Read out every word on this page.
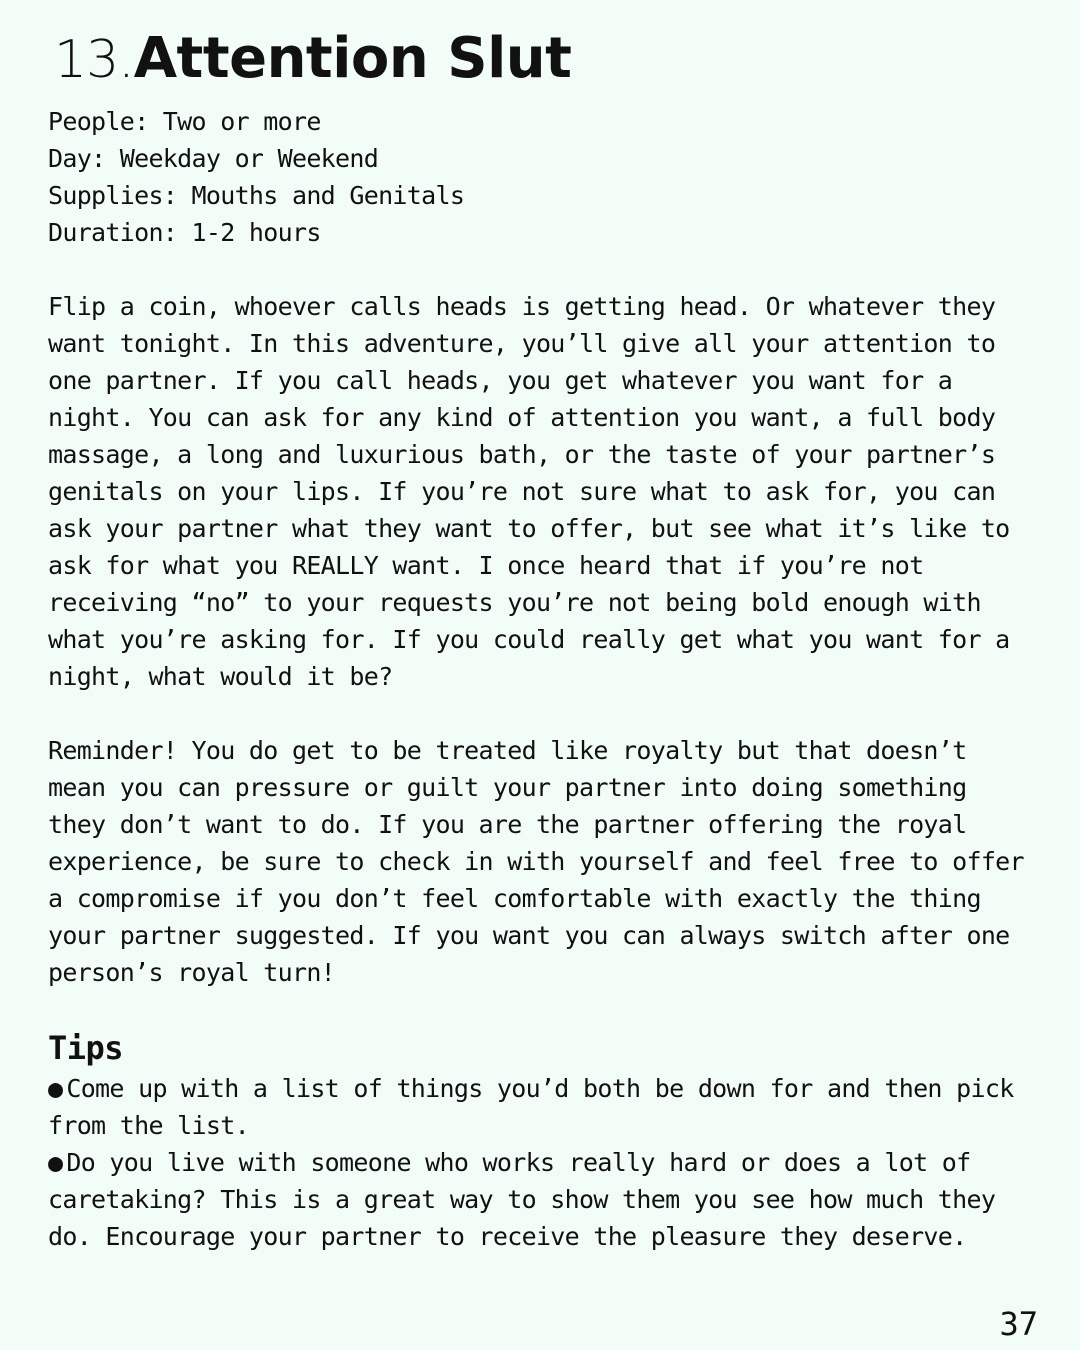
13.Attention Slut

People: Two or more

Day: Weekday or Weekend

Supplies: Mouths and Genitals

Duration: 1-2 hours

Flip a coin, whoever calls heads is getting head. Or whatever they want tonight. In this adventure, you’ll give all your attention to one partner. If you call heads, you get whatever you want for a night. You can ask for any kind of attention you want, a full body massage, a long and luxurious bath, or the taste of your partner’s genitals on your lips. If you’re not sure what to ask for, you can ask your partner what they want to offer, but see what it’s like to ask for what you REALLY want. I once heard that if you’re not receiving “no” to your requests you’re not being bold enough with what you’re asking for. If you could really get what you want for a night, what would it be?

Reminder! You do get to be treated like royalty but that doesn’t mean you can pressure or guilt your partner into doing something they don’t want to do. If you are the partner offering the royal experience, be sure to check in with yourself and feel free to offer a compromise if you don’t feel comfortable with exactly the thing your partner suggested. If you want you can always switch after one person’s royal turn!

Tips

● Come up with a list of things you’d both be down for and then pick from the list.

● Do you live with someone who works really hard or does a lot of caretaking? This is a great way to show them you see how much they do. Encourage your partner to receive the pleasure they deserve.

37
